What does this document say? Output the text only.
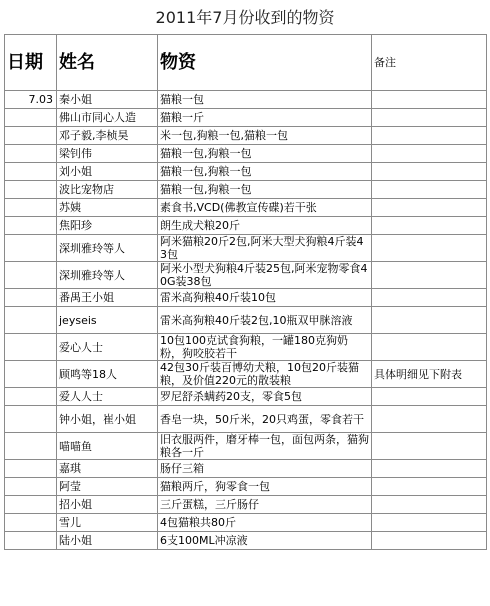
2011年7月份收到的物资
日期	姓名	物资	备注
7.03	秦小姐	猫粮一包	
	佛山市同心人造	猫粮一斤	
	邓子毅,李桢昊	米一包,狗粮一包,猫粮一包	
	梁钊伟	猫粮一包,狗粮一包	
	刘小姐	猫粮一包,狗粮一包	
	波比宠物店	猫粮一包,狗粮一包	
	苏姨	素食书,VCD(佛教宣传碟)若干张	
	焦阳珍	朗生成犬粮20斤	
	深圳雅玲等人	阿米猫粮20斤2包,阿米大型犬狗粮4斤装43包	
	深圳雅玲等人	阿米小型犬狗粮4斤装25包,阿米宠物零食40G装38包	
	番禺王小姐	雷米高狗粮40斤装10包	
	jeyseis	雷米高狗粮40斤装2包,10瓶双甲脒溶液	
	爱心人士	10包100克试食狗粮，一罐180克狗奶粉，狗咬胶若干	
	顾鸣等18人	42包30斤装百博幼犬粮，10包20斤装猫粮，及价值220元的散装粮	具体明细见下附表
	爱人人士	罗尼舒杀螨药20支，零食5包	
	钟小姐，崔小姐	香皂一块，50斤米，20只鸡蛋，零食若干	
	喵喵鱼	旧衣服两件，磨牙棒一包，面包两条，猫狗粮各一斤	
	嘉琪	肠仔三箱	
	阿莹	猫粮两斤，狗零食一包	
	招小姐	三斤蛋糕，三斤肠仔	
	雪儿	4包猫粮共80斤	
	陆小姐	6支100ML冲凉液	
